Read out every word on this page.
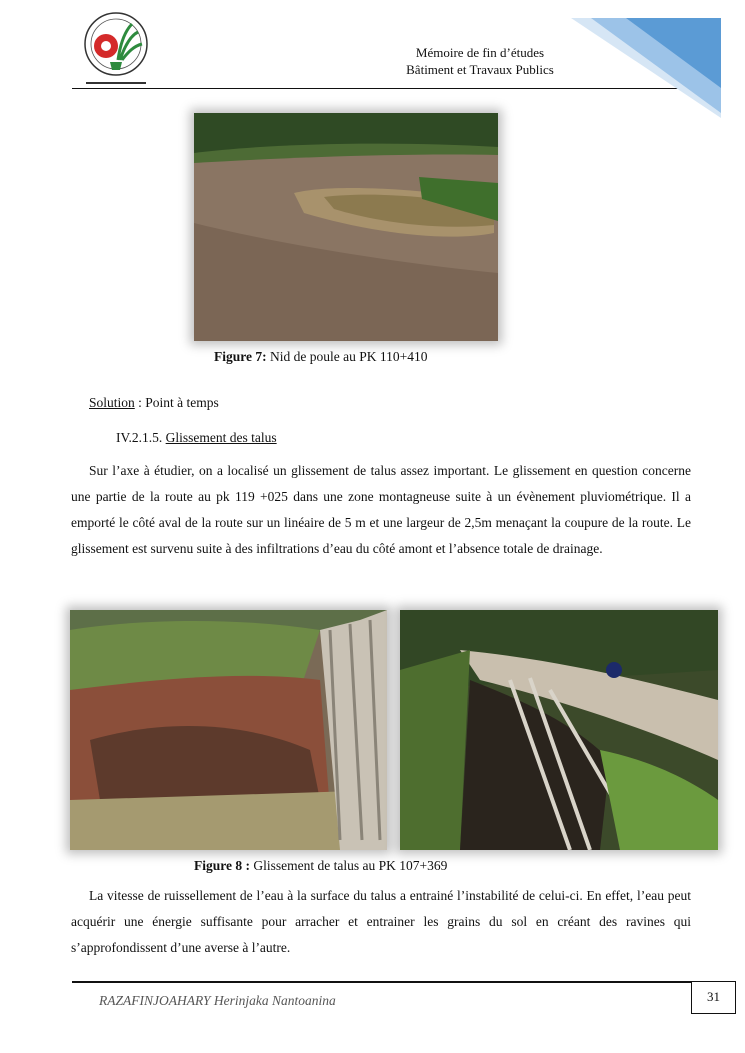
Mémoire de fin d’études
Bâtiment et Travaux Publics
Figure 7: Nid de poule au PK 110+410
Solution : Point à temps
IV.2.1.5. Glissement des talus

Sur l’axe à étudier, on a localisé un glissement de talus assez important. Le glissement en question concerne une partie de la route au pk 119 +025 dans une zone montagneuse suite à un évènement pluviométrique. Il a emporté le côté aval de la route sur un linéaire de 5 m et une largeur de 2,5m menaçant la coupure de la route. Le glissement est survenu suite à des infiltrations d’eau du côté amont et l’absence totale de drainage.

Figure 8 : Glissement de talus au PK 107+369

La vitesse de ruissellement de l’eau à la surface du talus a entrainé l’instabilité de celui-ci. En effet, l’eau peut acquérir une énergie suffisante pour arracher et entrainer les grains du sol en créant des ravines qui s’approfondissent d’une averse à l’autre.

RAZAFINJOAHARY Herinjaka Nantoanina	31
